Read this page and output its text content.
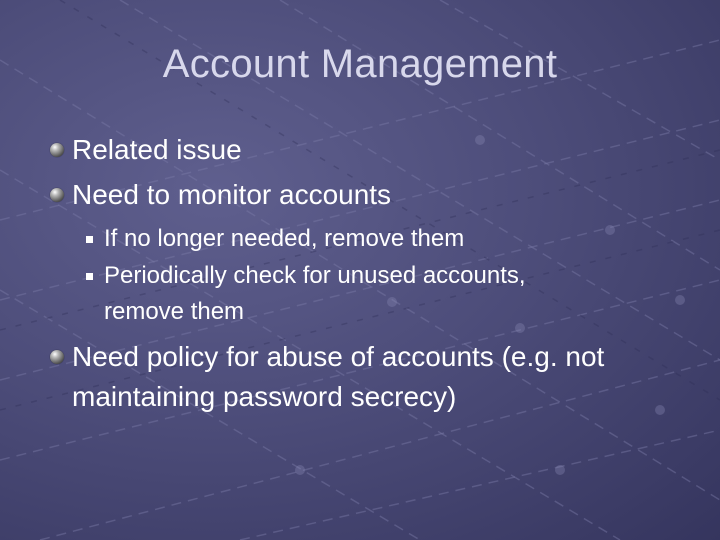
Account Management
Related issue
Need to monitor accounts
If no longer needed, remove them
Periodically check for unused accounts,
remove them
Need policy for abuse of accounts (e.g. not
maintaining password secrecy)
